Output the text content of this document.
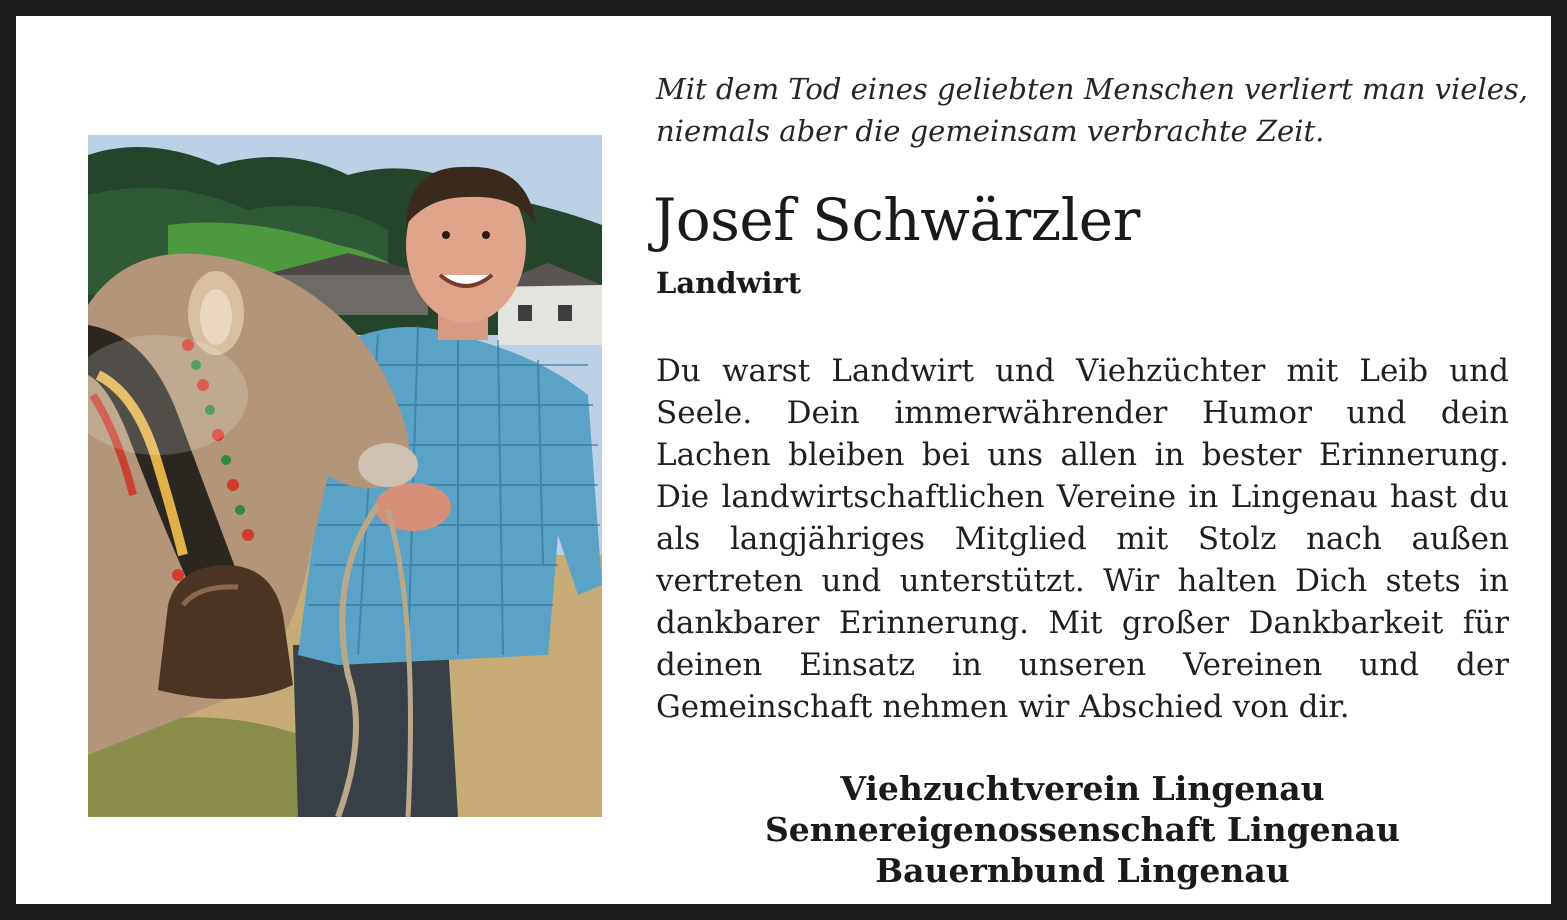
Mit dem Tod eines geliebten Menschen verliert man vieles, niemals aber die gemeinsam verbrachte Zeit.

Josef Schwärzler
Landwirt

Du warst Landwirt und Viehzüchter mit Leib und Seele. Dein immerwährender Humor und dein Lachen bleiben bei uns allen in bester Erinnerung. Die landwirtschaftlichen Vereine in Lingenau hast du als langjähriges Mitglied mit Stolz nach außen vertreten und unterstützt. Wir halten Dich stets in dankbarer Erinnerung. Mit großer Dankbarkeit für deinen Einsatz in unseren Vereinen und der Gemeinschaft nehmen wir Abschied von dir.

Viehzuchtverein Lingenau
Sennereigenossenschaft Lingenau
Bauernbund Lingenau
